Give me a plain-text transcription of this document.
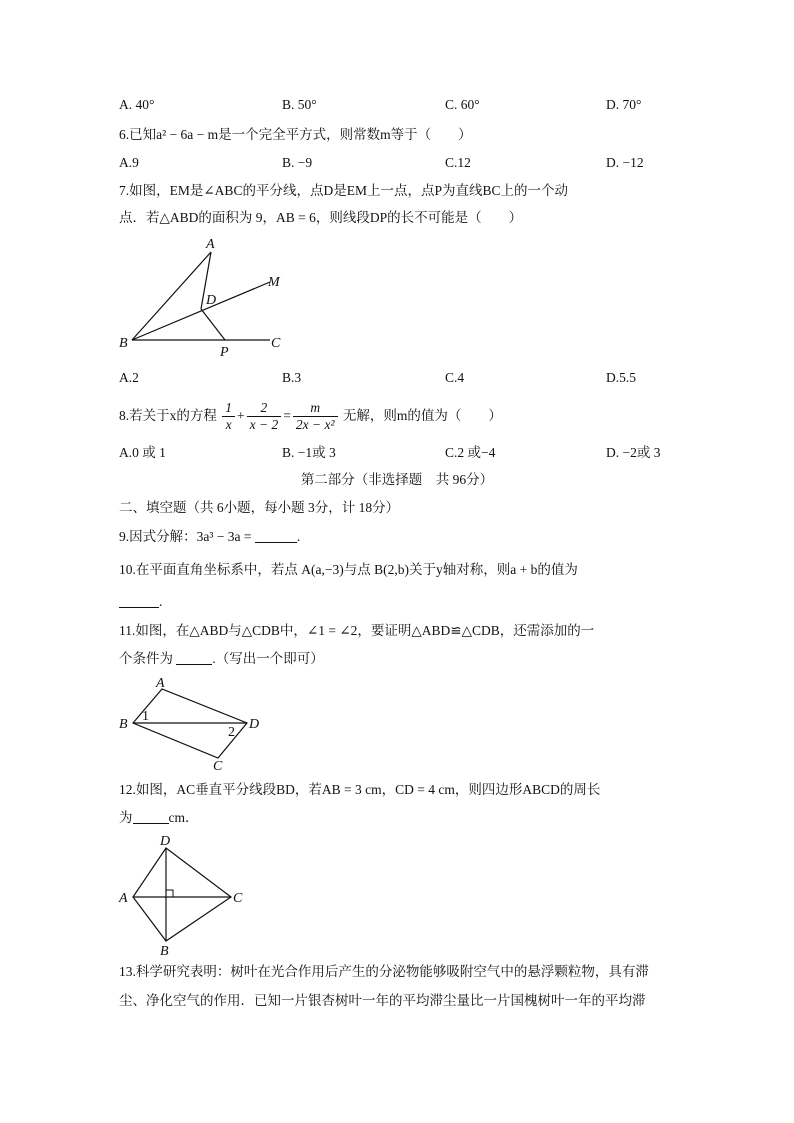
A. 40°	B. 50°	C. 60°	D. 70°
6.已知a² − 6a − m是一个完全平方式，则常数m等于（　　）
A.9	B. −9	C.12	D. −12
7.如图，EM是∠ABC的平分线，点D是EM上一点，点P为直线BC上的一个动
点．若△ABD的面积为 9，AB = 6，则线段DP的长不可能是（　　）
A
M
D
B
P
C
A.2	B.3	C.4	D.5.5
8.若关于x的方程 $\frac{1}{x} + \frac{2}{x - 2} = \frac{m}{\text{2x − x²}}$ 无解，则m的值为（　　）
A.0 或 1	B. −1或 3	C.2 或−4	D. −2或 3
第二部分（非选择题　共 96分）
二、填空题（共 6小题，每小题 3分，计 18分）
9.因式分解：3a³ − 3a =	.
10.在平面直角坐标系中，若点 A(a,−3)与点 B(2,b)关于y轴对称，则a + b的值为
.
11.如图，在△ABD与△CDB中，∠1 = ∠2，要证明△ABD≌△CDB，还需添加的一
个条件为	.（写出一个即可）
A
B	D
C
1
2
12.如图，AC垂直平分线段BD，若AB = 3 cm，CD = 4 cm，则四边形ABCD的周长
为	cm．
D
A	C
B
13.科学研究表明：树叶在光合作用后产生的分泌物能够吸附空气中的悬浮颗粒物，具有滞
尘、净化空气的作用．已知一片银杏树叶一年的平均滞尘量比一片国槐树叶一年的平均滞
